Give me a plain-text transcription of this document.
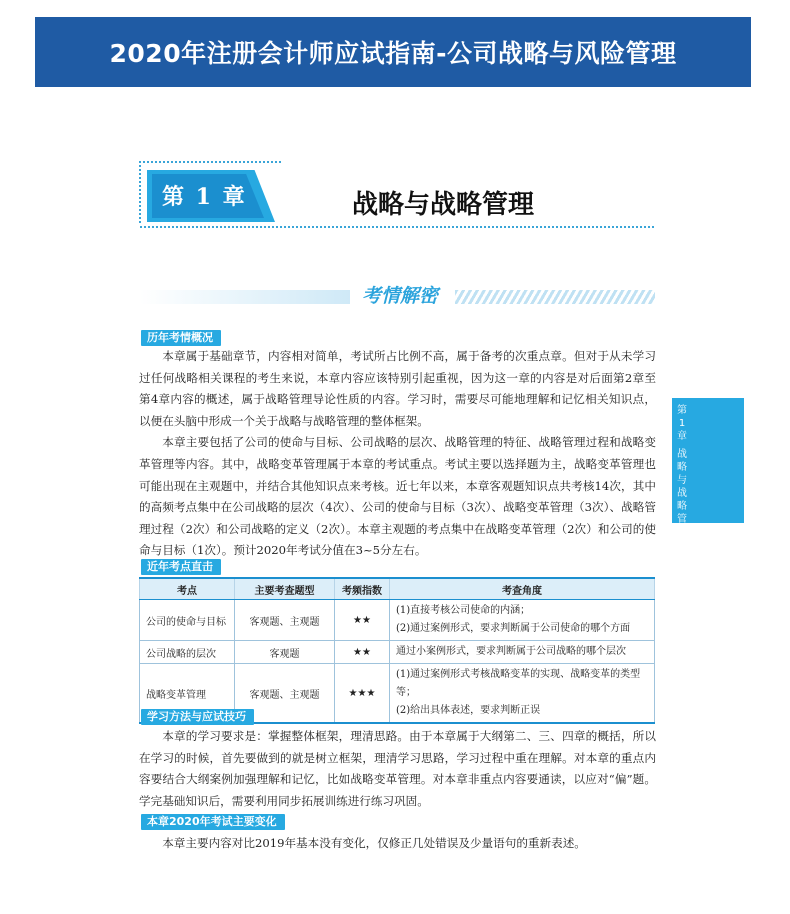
2020年注册会计师应试指南-公司战略与风险管理
第 1 章	战略与战略管理
考情解密
第
1
章
战
略
与
战
略
管
理
历年考情概况

本章属于基础章节，内容相对简单，考试所占比例不高，属于备考的次重点章。但对于从未学习过任何战略相关课程的考生来说，本章内容应该特别引起重视，因为这一章的内容是对后面第2章至第4章内容的概述，属于战略管理导论性质的内容。学习时，需要尽可能地理解和记忆相关知识点，以便在头脑中形成一个关于战略与战略管理的整体框架。

本章主要包括了公司的使命与目标、公司战略的层次、战略管理的特征、战略管理过程和战略变革管理等内容。其中，战略变革管理属于本章的考试重点。考试主要以选择题为主，战略变革管理也可能出现在主观题中，并结合其他知识点来考核。近七年以来，本章客观题知识点共考核14次，其中的高频考点集中在公司战略的层次（4次）、公司的使命与目标（3次）、战略变革管理（3次）、战略管理过程（2次）和公司战略的定义（2次）。本章主观题的考点集中在战略变革管理（2次）和公司的使命与目标（1次）。预计2020年考试分值在3~5分左右。

近年考点直击
考点	主要考查题型	考频指数	考查角度
公司的使命与目标	客观题、主观题	★★	(1)直接考核公司使命的内涵；
(2)通过案例形式，要求判断属于公司使命的哪个方面

公司战略的层次	客观题	★★	通过小案例形式，要求判断属于公司战略的哪个层次

战略变革管理	客观题、主观题	★★★	(1)通过案例形式考核战略变革的实现、战略变革的类型等；
(2)给出具体表述，要求判断正误
学习方法与应试技巧

本章的学习要求是：掌握整体框架，理清思路。由于本章属于大纲第二、三、四章的概括，所以在学习的时候，首先要做到的就是树立框架，理清学习思路，学习过程中重在理解。对本章的重点内容要结合大纲案例加强理解和记忆，比如战略变革管理。对本章非重点内容要通读，以应对“偏”题。学完基础知识后，需要利用同步拓展训练进行练习巩固。

本章2020年考试主要变化

本章主要内容对比2019年基本没有变化，仅修正几处错误及少量语句的重新表述。
